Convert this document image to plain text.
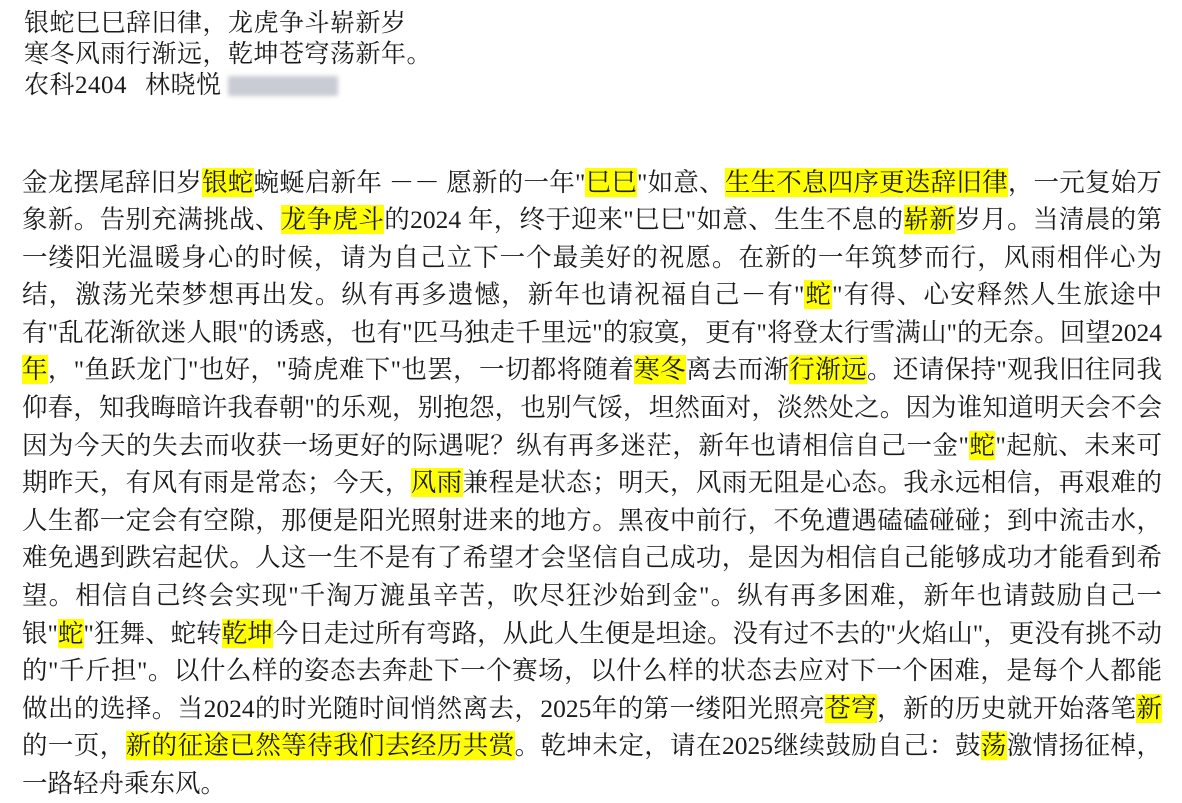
银蛇巳巳辞旧律，龙虎争斗崭新岁
寒冬风雨行渐远，乾坤苍穹荡新年。
农科2404 林晓悦

金龙摆尾辞旧岁银蛇蜿蜒启新年 －－ 愿新的一年"巳巳"如意、生生不息四序更迭辞旧律，一元复始万象新。告别充满挑战、龙争虎斗的2024 年，终于迎来"巳巳"如意、生生不息的崭新岁月。当清晨的第一缕阳光温暖身心的时候，请为自己立下一个最美好的祝愿。在新的一年筑梦而行，风雨相伴心为结，激荡光荣梦想再出发。纵有再多遗憾，新年也请祝福自己－有"蛇"有得、心安释然人生旅途中有"乱花渐欲迷人眼"的诱惑，也有"匹马独走千里远"的寂寞，更有"将登太行雪满山"的无奈。回望2024年，"鱼跃龙门"也好，"骑虎难下"也罢，一切都将随着寒冬离去而渐行渐远。还请保持"观我旧往同我仰春，知我晦暗许我春朝"的乐观，别抱怨，也别气馁，坦然面对，淡然处之。因为谁知道明天会不会因为今天的失去而收获一场更好的际遇呢？纵有再多迷茫，新年也请相信自己一金"蛇"起航、未来可期昨天，有风有雨是常态；今天，风雨兼程是状态；明天，风雨无阻是心态。我永远相信，再艰难的人生都一定会有空隙，那便是阳光照射进来的地方。黑夜中前行，不免遭遇磕磕碰碰；到中流击水，难免遇到跌宕起伏。人这一生不是有了希望才会坚信自己成功，是因为相信自己能够成功才能看到希望。相信自己终会实现"千淘万漉虽辛苦，吹尽狂沙始到金"。纵有再多困难，新年也请鼓励自己一银"蛇"狂舞、蛇转乾坤今日走过所有弯路，从此人生便是坦途。没有过不去的"火焰山"，更没有挑不动的"千斤担"。以什么样的姿态去奔赴下一个赛场，以什么样的状态去应对下一个困难，是每个人都能做出的选择。当2024的时光随时间悄然离去，2025年的第一缕阳光照亮苍穹，新的历史就开始落笔新的一页，新的征途已然等待我们去经历共赏。乾坤未定，请在2025继续鼓励自己：鼓荡激情扬征棹，一路轻舟乘东风。
